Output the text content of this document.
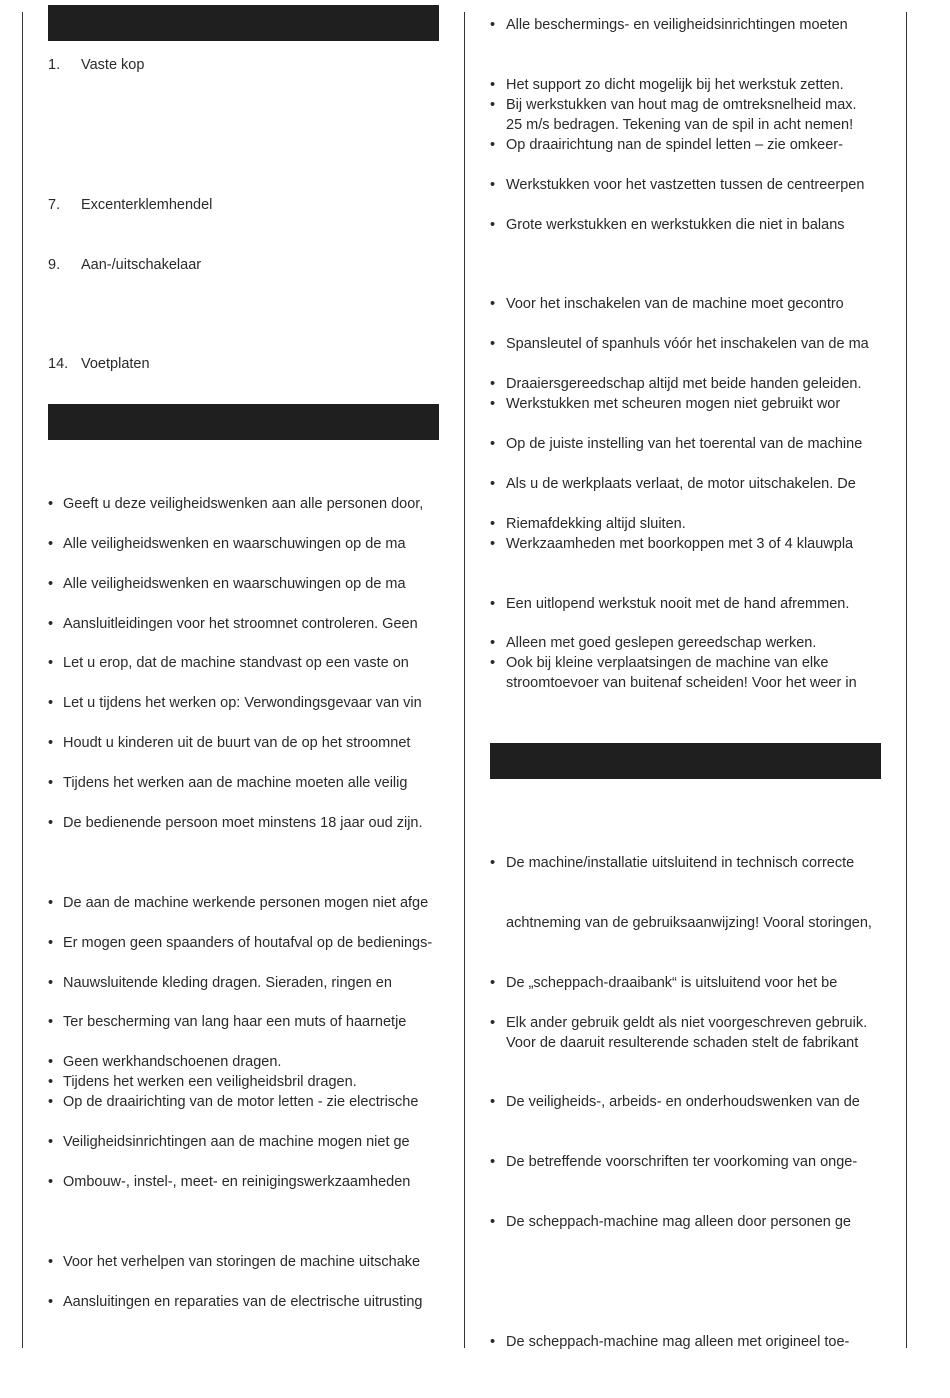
1.	Vaste kop
7.	Excenterklemhendel
9.	Aan-/uitschakelaar
14. Voetplaten
• Geeft u deze veiligheidswenken aan alle personen door,
• Alle veiligheidswenken en waarschuwingen op de ma
• Alle veiligheidswenken en waarschuwingen op de ma
• Aansluitleidingen voor het stroomnet controleren. Geen
• Let u erop, dat de machine standvast op een vaste on
• Let u tijdens het werken op: Verwondingsgevaar van vin
• Houdt u kinderen uit de buurt van de op het stroomnet
• Tijdens het werken aan de machine moeten alle veilig
• De bedienende persoon moet minstens 18 jaar oud zijn.
• De aan de machine werkende personen mogen niet afge
• Er mogen geen spaanders of houtafval op de bedienings-
• Nauwsluitende kleding dragen. Sieraden, ringen en
• Ter bescherming van lang haar een muts of haarnetje
• Geen werkhandschoenen dragen.
• Tijdens het werken een veiligheidsbril dragen.
• Op de draairichting van de motor letten - zie electrische
• Veiligheidsinrichtingen aan de machine mogen niet ge
• Ombouw-, instel-, meet- en reinigingswerkzaamheden
• Voor het verhelpen van storingen de machine uitschake
• Aansluitingen en reparaties van de electrische uitrusting
• Alle beschermings- en veiligheidsinrichtingen moeten
• Het support zo dicht mogelijk bij het werkstuk zetten.
• Bij werkstukken van hout mag de omtreksnelheid max.
25 m/s bedragen. Tekening van de spil in acht nemen!
• Op draairichtung nan de spindel letten – zie omkeer-
• Werkstukken voor het vastzetten tussen de centreerpen
• Grote werkstukken en werkstukken die niet in balans
• Voor het inschakelen van de machine moet gecontro
• Spansleutel of spanhuls vóór het inschakelen van de ma
• Draaiersgereedschap altijd met beide handen geleiden.
• Werkstukken met scheuren mogen niet gebruikt wor
• Op de juiste instelling van het toerental van de machine
• Als u de werkplaats verlaat, de motor uitschakelen. De
• Riemafdekking altijd sluiten.
• Werkzaamheden met boorkoppen met 3 of 4 klauwpla
• Een uitlopend werkstuk nooit met de hand afremmen.
• Alleen met goed geslepen gereedschap werken.
• Ook bij kleine verplaatsingen de machine van elke
stroomtoevoer van buitenaf scheiden! Voor het weer in
• De machine/installatie uitsluitend in technisch correcte
achtneming van de gebruiksaanwijzing! Vooral storingen,
• De „scheppach-draaibank“ is uitsluitend voor het be
• Elk ander gebruik geldt als niet voorgeschreven gebruik.
Voor de daaruit resulterende schaden stelt de fabrikant
• De veiligheids-, arbeids- en onderhoudswenken van de
• De betreffende voorschriften ter voorkoming van onge-
• De scheppach-machine mag alleen door personen ge
• De scheppach-machine mag alleen met origineel toe-
